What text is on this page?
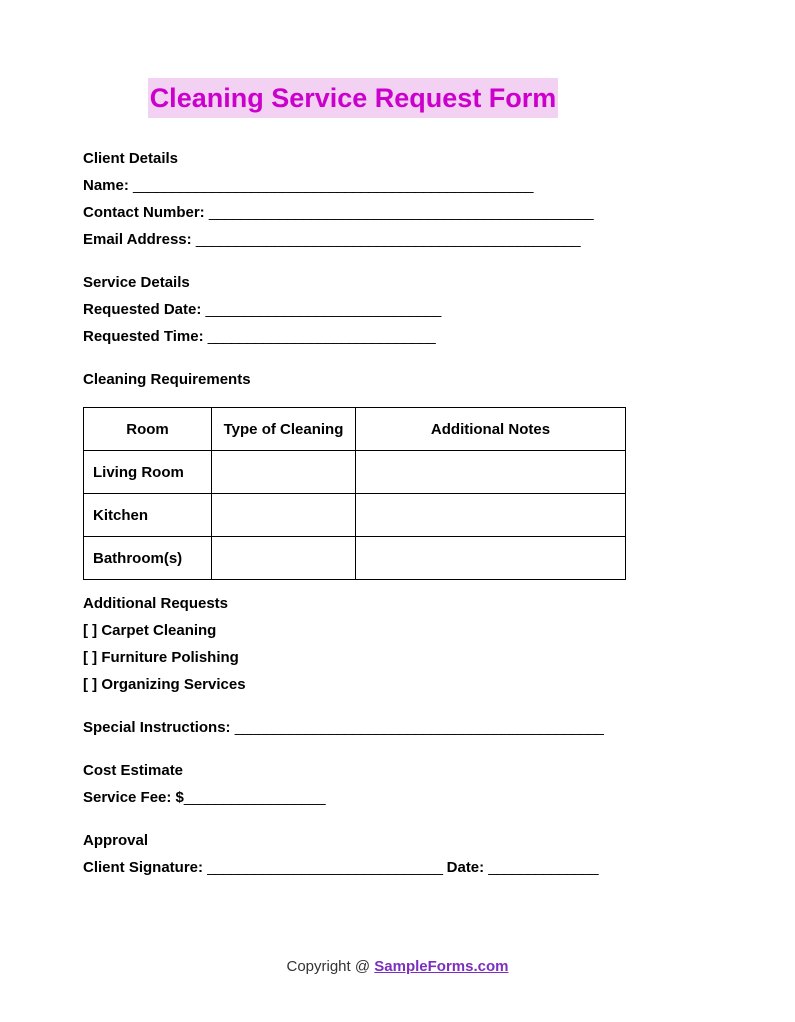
Cleaning Service Request Form
Client Details
Name: ___________________________________________________
Contact Number: _________________________________________________
Email Address: _________________________________________________
Service Details
Requested Date: ______________________________
Requested Time: _____________________________
Cleaning Requirements
Room	Type of Cleaning	Additional Notes
Living Room		
Kitchen		
Bathroom(s)		
Additional Requests
[ ] Carpet Cleaning
[ ] Furniture Polishing
[ ] Organizing Services
Special Instructions: _______________________________________________
Cost Estimate
Service Fee: $__________________
Approval
Client Signature: ______________________________ Date: ______________
Copyright @ SampleForms.com
